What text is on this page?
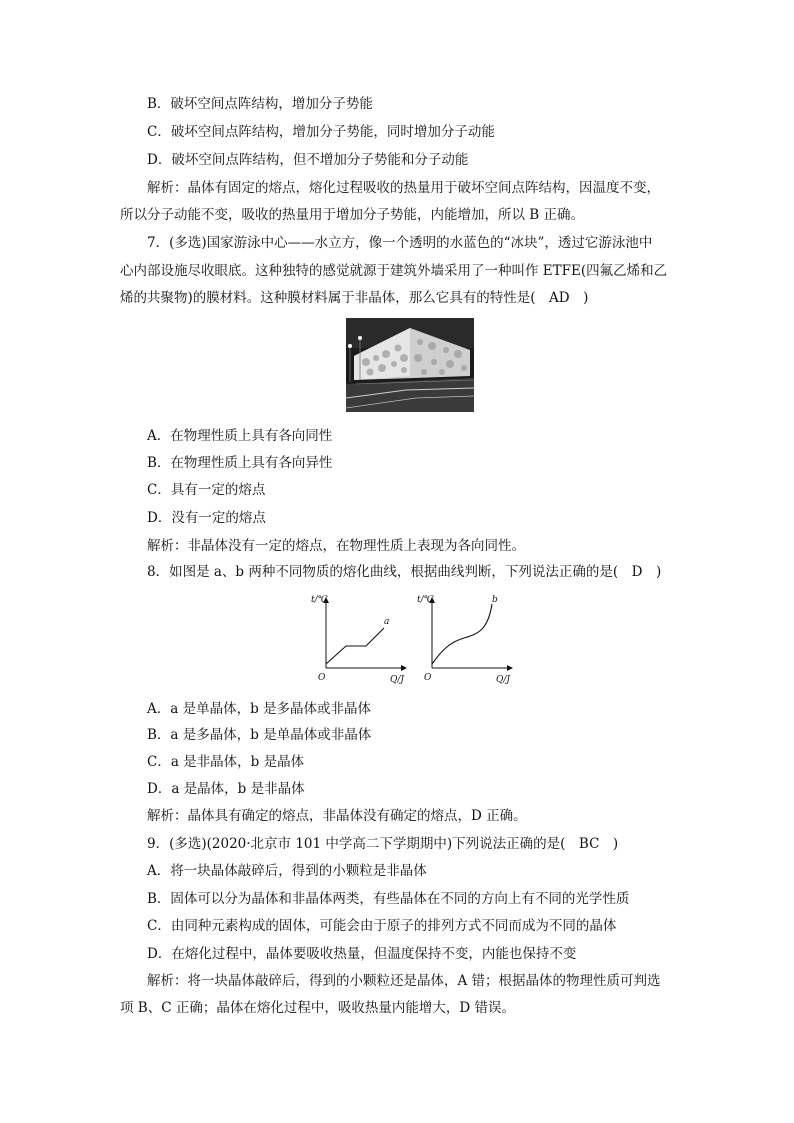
B．破坏空间点阵结构，增加分子势能
C．破坏空间点阵结构，增加分子势能，同时增加分子动能
D．破坏空间点阵结构，但不增加分子势能和分子动能
解析：晶体有固定的熔点，熔化过程吸收的热量用于破坏空间点阵结构，因温度不变，
所以分子动能不变，吸收的热量用于增加分子势能，内能增加，所以 B 正确。
7．(多选)国家游泳中心——水立方，像一个透明的水蓝色的“冰块”，透过它游泳池中
心内部设施尽收眼底。这种独特的感觉就源于建筑外墙采用了一种叫作 ETFE(四氟乙烯和乙
烯的共聚物)的膜材料。这种膜材料属于非晶体，那么它具有的特性是(　AD　)
A．在物理性质上具有各向同性
B．在物理性质上具有各向异性
C．具有一定的熔点
D．没有一定的熔点
解析：非晶体没有一定的熔点，在物理性质上表现为各向同性。
8．如图是 a、b 两种不同物质的熔化曲线，根据曲线判断，下列说法正确的是(　D　)
t/℃
Q/J
O
a
t/℃
Q/J
O
b
A．a 是单晶体，b 是多晶体或非晶体
B．a 是多晶体，b 是单晶体或非晶体
C．a 是非晶体，b 是晶体
D．a 是晶体，b 是非晶体
解析：晶体具有确定的熔点，非晶体没有确定的熔点，D 正确。
9．(多选)(2020·北京市 101 中学高二下学期期中)下列说法正确的是(　BC　)
A．将一块晶体敲碎后，得到的小颗粒是非晶体
B．固体可以分为晶体和非晶体两类，有些晶体在不同的方向上有不同的光学性质
C．由同种元素构成的固体，可能会由于原子的排列方式不同而成为不同的晶体
D．在熔化过程中，晶体要吸收热量，但温度保持不变，内能也保持不变
解析：将一块晶体敲碎后，得到的小颗粒还是晶体，A 错；根据晶体的物理性质可判选
项 B、C 正确；晶体在熔化过程中，吸收热量内能增大，D 错误。
